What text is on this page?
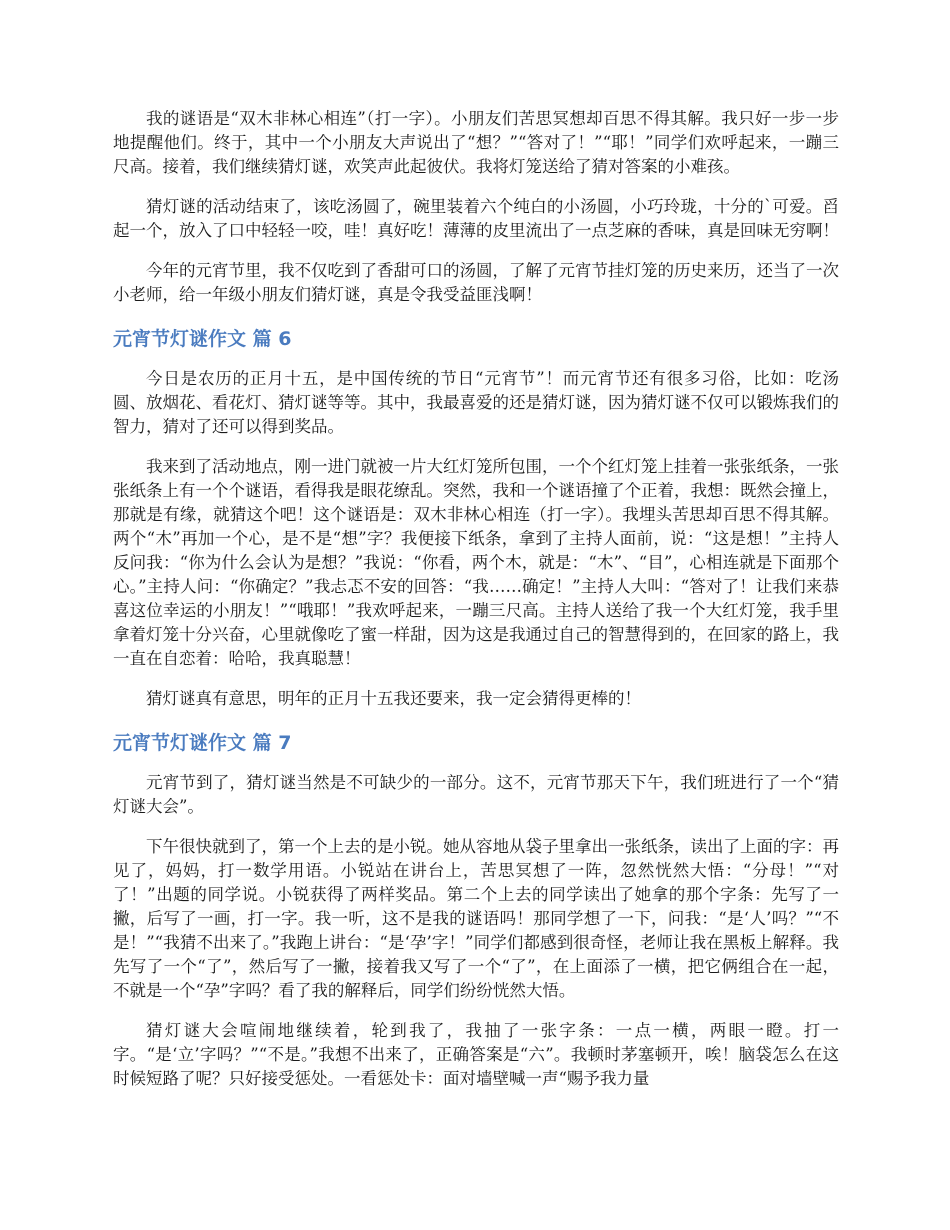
我的谜语是“双木非林心相连”（打一字）。小朋友们苦思冥想却百思不得其解。我只好一步一步地提醒他们。终于，其中一个小朋友大声说出了“想？”“答对了！”“耶！”同学们欢呼起来，一蹦三尺高。接着，我们继续猜灯谜，欢笑声此起彼伏。我将灯笼送给了猜对答案的小难孩。

猜灯谜的活动结束了，该吃汤圆了，碗里装着六个纯白的小汤圆，小巧玲珑，十分的`可爱。舀起一个，放入了口中轻轻一咬，哇！真好吃！薄薄的皮里流出了一点芝麻的香味，真是回味无穷啊！

今年的元宵节里，我不仅吃到了香甜可口的汤圆，了解了元宵节挂灯笼的历史来历，还当了一次小老师，给一年级小朋友们猜灯谜，真是令我受益匪浅啊！

元宵节灯谜作文 篇 6

今日是农历的正月十五，是中国传统的节日“元宵节”！而元宵节还有很多习俗，比如：吃汤圆、放烟花、看花灯、猜灯谜等等。其中，我最喜爱的还是猜灯谜，因为猜灯谜不仅可以锻炼我们的智力，猜对了还可以得到奖品。

我来到了活动地点，刚一进门就被一片大红灯笼所包围，一个个红灯笼上挂着一张张纸条，一张张纸条上有一个个谜语，看得我是眼花缭乱。突然，我和一个谜语撞了个正着，我想：既然会撞上，那就是有缘，就猜这个吧！这个谜语是：双木非林心相连（打一字）。我埋头苦思却百思不得其解。两个“木”再加一个心，是不是“想”字？我便接下纸条，拿到了主持人面前，说：“这是想！”主持人反问我：“你为什么会认为是想？”我说：“你看，两个木，就是：“木”、“目”，心相连就是下面那个心。”主持人问：“你确定？”我忐忑不安的回答：“我……确定！”主持人大叫：“答对了！让我们来恭喜这位幸运的小朋友！”“哦耶！”我欢呼起来，一蹦三尺高。主持人送给了我一个大红灯笼，我手里拿着灯笼十分兴奋，心里就像吃了蜜一样甜，因为这是我通过自己的智慧得到的，在回家的路上，我一直在自恋着：哈哈，我真聪慧！

猜灯谜真有意思，明年的正月十五我还要来，我一定会猜得更棒的！

元宵节灯谜作文 篇 7

元宵节到了，猜灯谜当然是不可缺少的一部分。这不，元宵节那天下午，我们班进行了一个“猜灯谜大会”。

下午很快就到了，第一个上去的是小锐。她从容地从袋子里拿出一张纸条，读出了上面的字：再见了，妈妈，打一数学用语。小锐站在讲台上，苦思冥想了一阵，忽然恍然大悟：“分母！”“对了！”出题的同学说。小锐获得了两样奖品。第二个上去的同学读出了她拿的那个字条：先写了一撇，后写了一画，打一字。我一听，这不是我的谜语吗！那同学想了一下，问我：“是‘人’吗？”“不是！”“我猜不出来了。”我跑上讲台：“是‘孕’字！”同学们都感到很奇怪，老师让我在黑板上解释。我先写了一个“了”，然后写了一撇，接着我又写了一个“了”，在上面添了一横，把它俩组合在一起，不就是一个“孕”字吗？看了我的解释后，同学们纷纷恍然大悟。

猜灯谜大会喧闹地继续着，轮到我了，我抽了一张字条：一点一横，两眼一瞪。打一字。“是‘立’字吗？”“不是。”我想不出来了，正确答案是“六”。我顿时茅塞顿开，唉！脑袋怎么在这时候短路了呢？只好接受惩处。一看惩处卡：面对墙壁喊一声“赐予我力量
